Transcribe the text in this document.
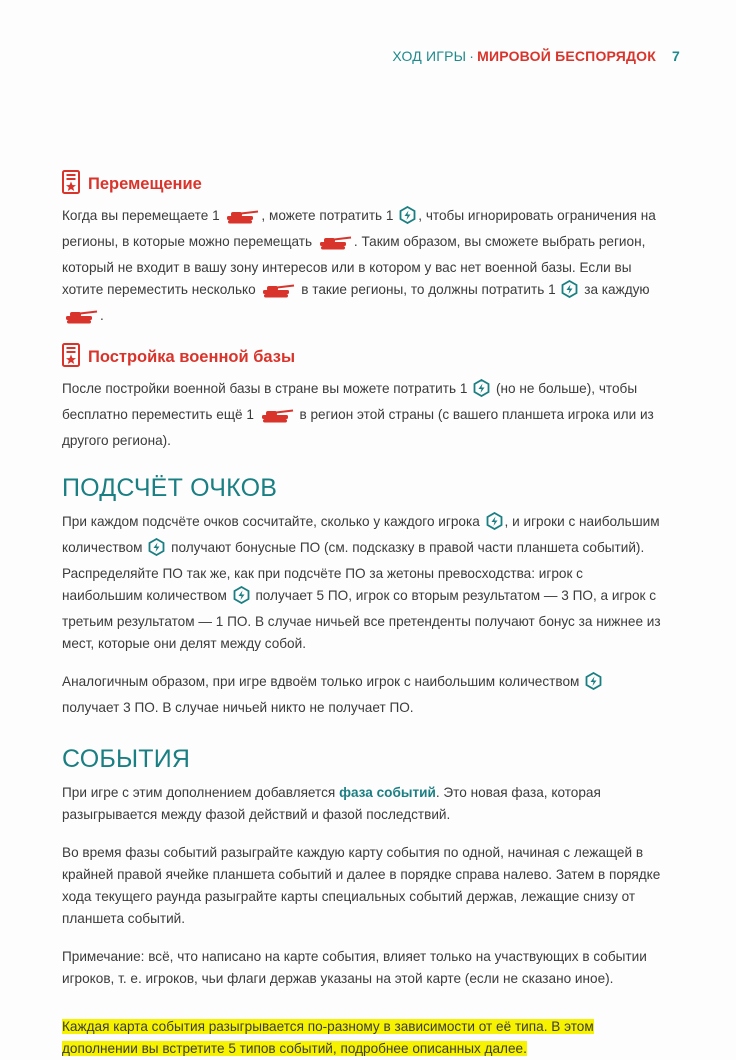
ХОД ИГРЫ · МИРОВОЙ БЕСПОРЯДОК 7
Перемещение

Когда вы перемещаете 1	, можете потратить 1 , чтобы игнорировать ограничения на регионы, в которые можно перемещать	. Таким образом, вы сможете выбрать регион, который не входит в вашу зону интересов или в котором у вас нет военной базы. Если вы хотите переместить несколько	в такие регионы, то должны потратить 1 за каждую .

Постройка военной базы

После постройки военной базы в стране вы можете потратить 1 (но не больше), чтобы бесплатно переместить ещё 1	в регион этой страны (с вашего планшета игрока или из другого региона).

ПОДСЧЁТ ОЧКОВ

При каждом подсчёте очков сосчитайте, сколько у каждого игрока , и игроки с наибольшим количеством получают бонусные ПО (см. подсказку в правой части планшета событий). Распределяйте ПО так же, как при подсчёте ПО за жетоны превосходства: игрок с наибольшим количеством получает 5 ПО, игрок со вторым результатом — 3 ПО, а игрок с третьим результатом — 1 ПО. В случае ничьей все претенденты получают бонус за нижнее из мест, которые они делят между собой.

Аналогичным образом, при игре вдвоём только игрок с наибольшим количеством  получает 3 ПО. В случае ничьей никто не получает ПО.

СОБЫТИЯ

При игре с этим дополнением добавляется фаза событий. Это новая фаза, которая разыгрывается между фазой действий и фазой последствий.

Во время фазы событий разыграйте каждую карту события по одной, начиная с лежащей в крайней правой ячейке планшета событий и далее в порядке справа налево. Затем в порядке хода текущего раунда разыграйте карты специальных событий держав, лежащие снизу от планшета событий.

Примечание: всё, что написано на карте события, влияет только на участвующих в событии игроков, т. е. игроков, чьи флаги держав указаны на этой карте (если не сказано иное).

Каждая карта события разыгрывается по-разному в зависимости от её типа. В этом дополнении вы встретите 5 типов событий, подробнее описанных далее.
